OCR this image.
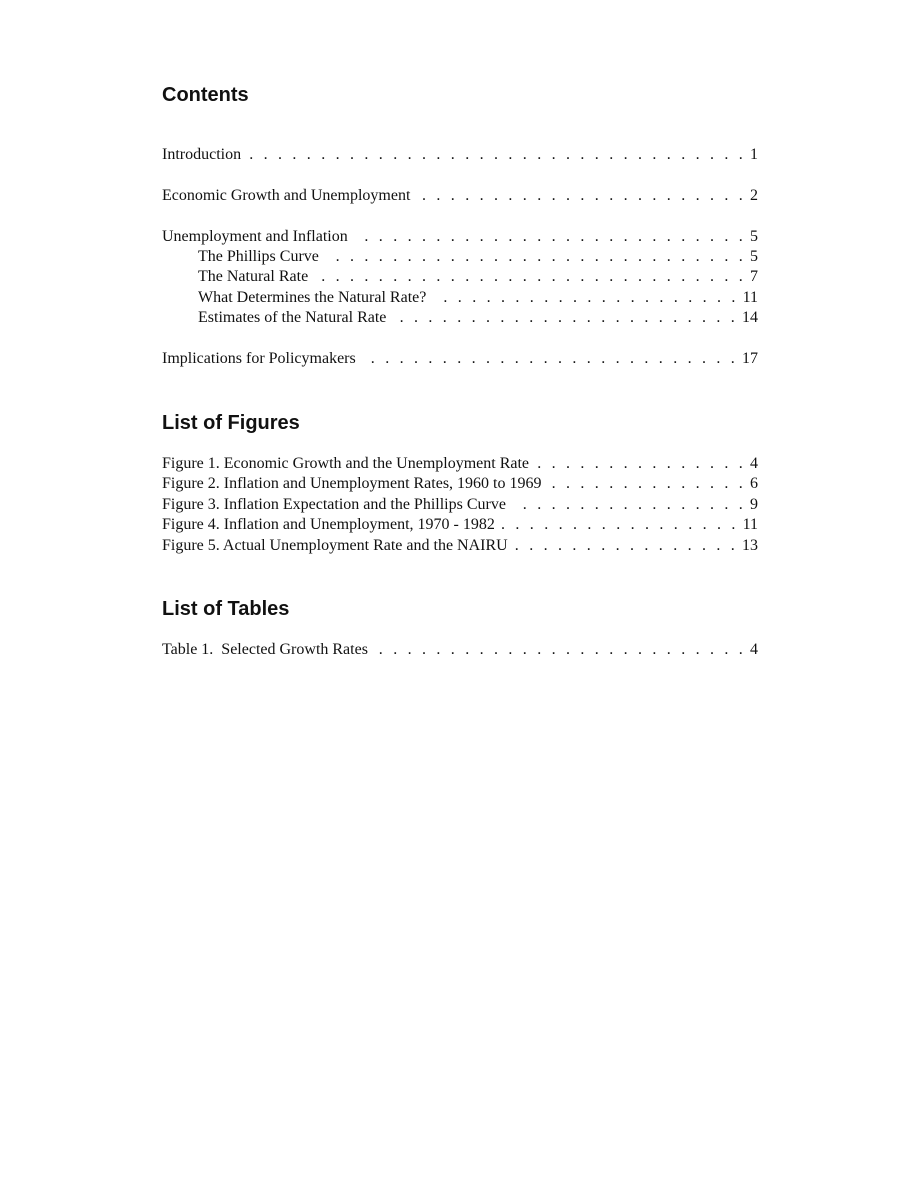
Contents
Introduction . . .	1
Economic Growth and Unemployment . . .	2
Unemployment and Inflation . . .	5
The Phillips Curve . . .	5
The Natural Rate . . .	7
What Determines the Natural Rate? . . .	11
Estimates of the Natural Rate . . .	14
Implications for Policymakers . . .	17
List of Figures
Figure 1. Economic Growth and the Unemployment Rate . . .	4
Figure 2. Inflation and Unemployment Rates, 1960 to 1969 . . .	6
Figure 3. Inflation Expectation and the Phillips Curve . . .	9
Figure 4. Inflation and Unemployment, 1970 - 1982 . . .	11
Figure 5. Actual Unemployment Rate and the NAIRU . . .	13
List of Tables
Table 1.  Selected Growth Rates . . .	4
